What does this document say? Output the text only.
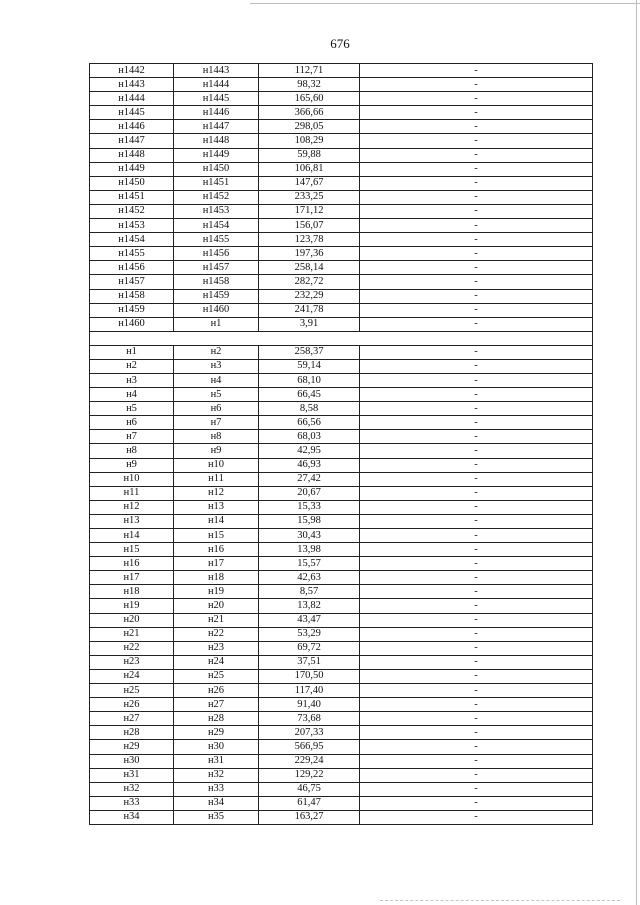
676
н1442	н1443	112,71	-
н1443	н1444	98,32	-
н1444	н1445	165,60	-
н1445	н1446	366,66	-
н1446	н1447	298,05	-
н1447	н1448	108,29	-
н1448	н1449	59,88	-
н1449	н1450	106,81	-
н1450	н1451	147,67	-
н1451	н1452	233,25	-
н1452	н1453	171,12	-
н1453	н1454	156,07	-
н1454	н1455	123,78	-
н1455	н1456	197,36	-
н1456	н1457	258,14	-
н1457	н1458	282,72	-
н1458	н1459	232,29	-
н1459	н1460	241,78	-
н1460	н1	3,91	-

н1	н2	258,37	-
н2	н3	59,14	-
н3	н4	68,10	-
н4	н5	66,45	-
н5	н6	8,58	-
н6	н7	66,56	-
н7	н8	68,03	-
н8	н9	42,95	-
н9	н10	46,93	-
н10	н11	27,42	-
н11	н12	20,67	-
н12	н13	15,33	-
н13	н14	15,98	-
н14	н15	30,43	-
н15	н16	13,98	-
н16	н17	15,57	-
н17	н18	42,63	-
н18	н19	8,57	-
н19	н20	13,82	-
н20	н21	43,47	-
н21	н22	53,29	-
н22	н23	69,72	-
н23	н24	37,51	-
н24	н25	170,50	-
н25	н26	117,40	-
н26	н27	91,40	-
н27	н28	73,68	-
н28	н29	207,33	-
н29	н30	566,95	-
н30	н31	229,24	-
н31	н32	129,22	-
н32	н33	46,75	-
н33	н34	61,47	-
н34	н35	163,27	-
